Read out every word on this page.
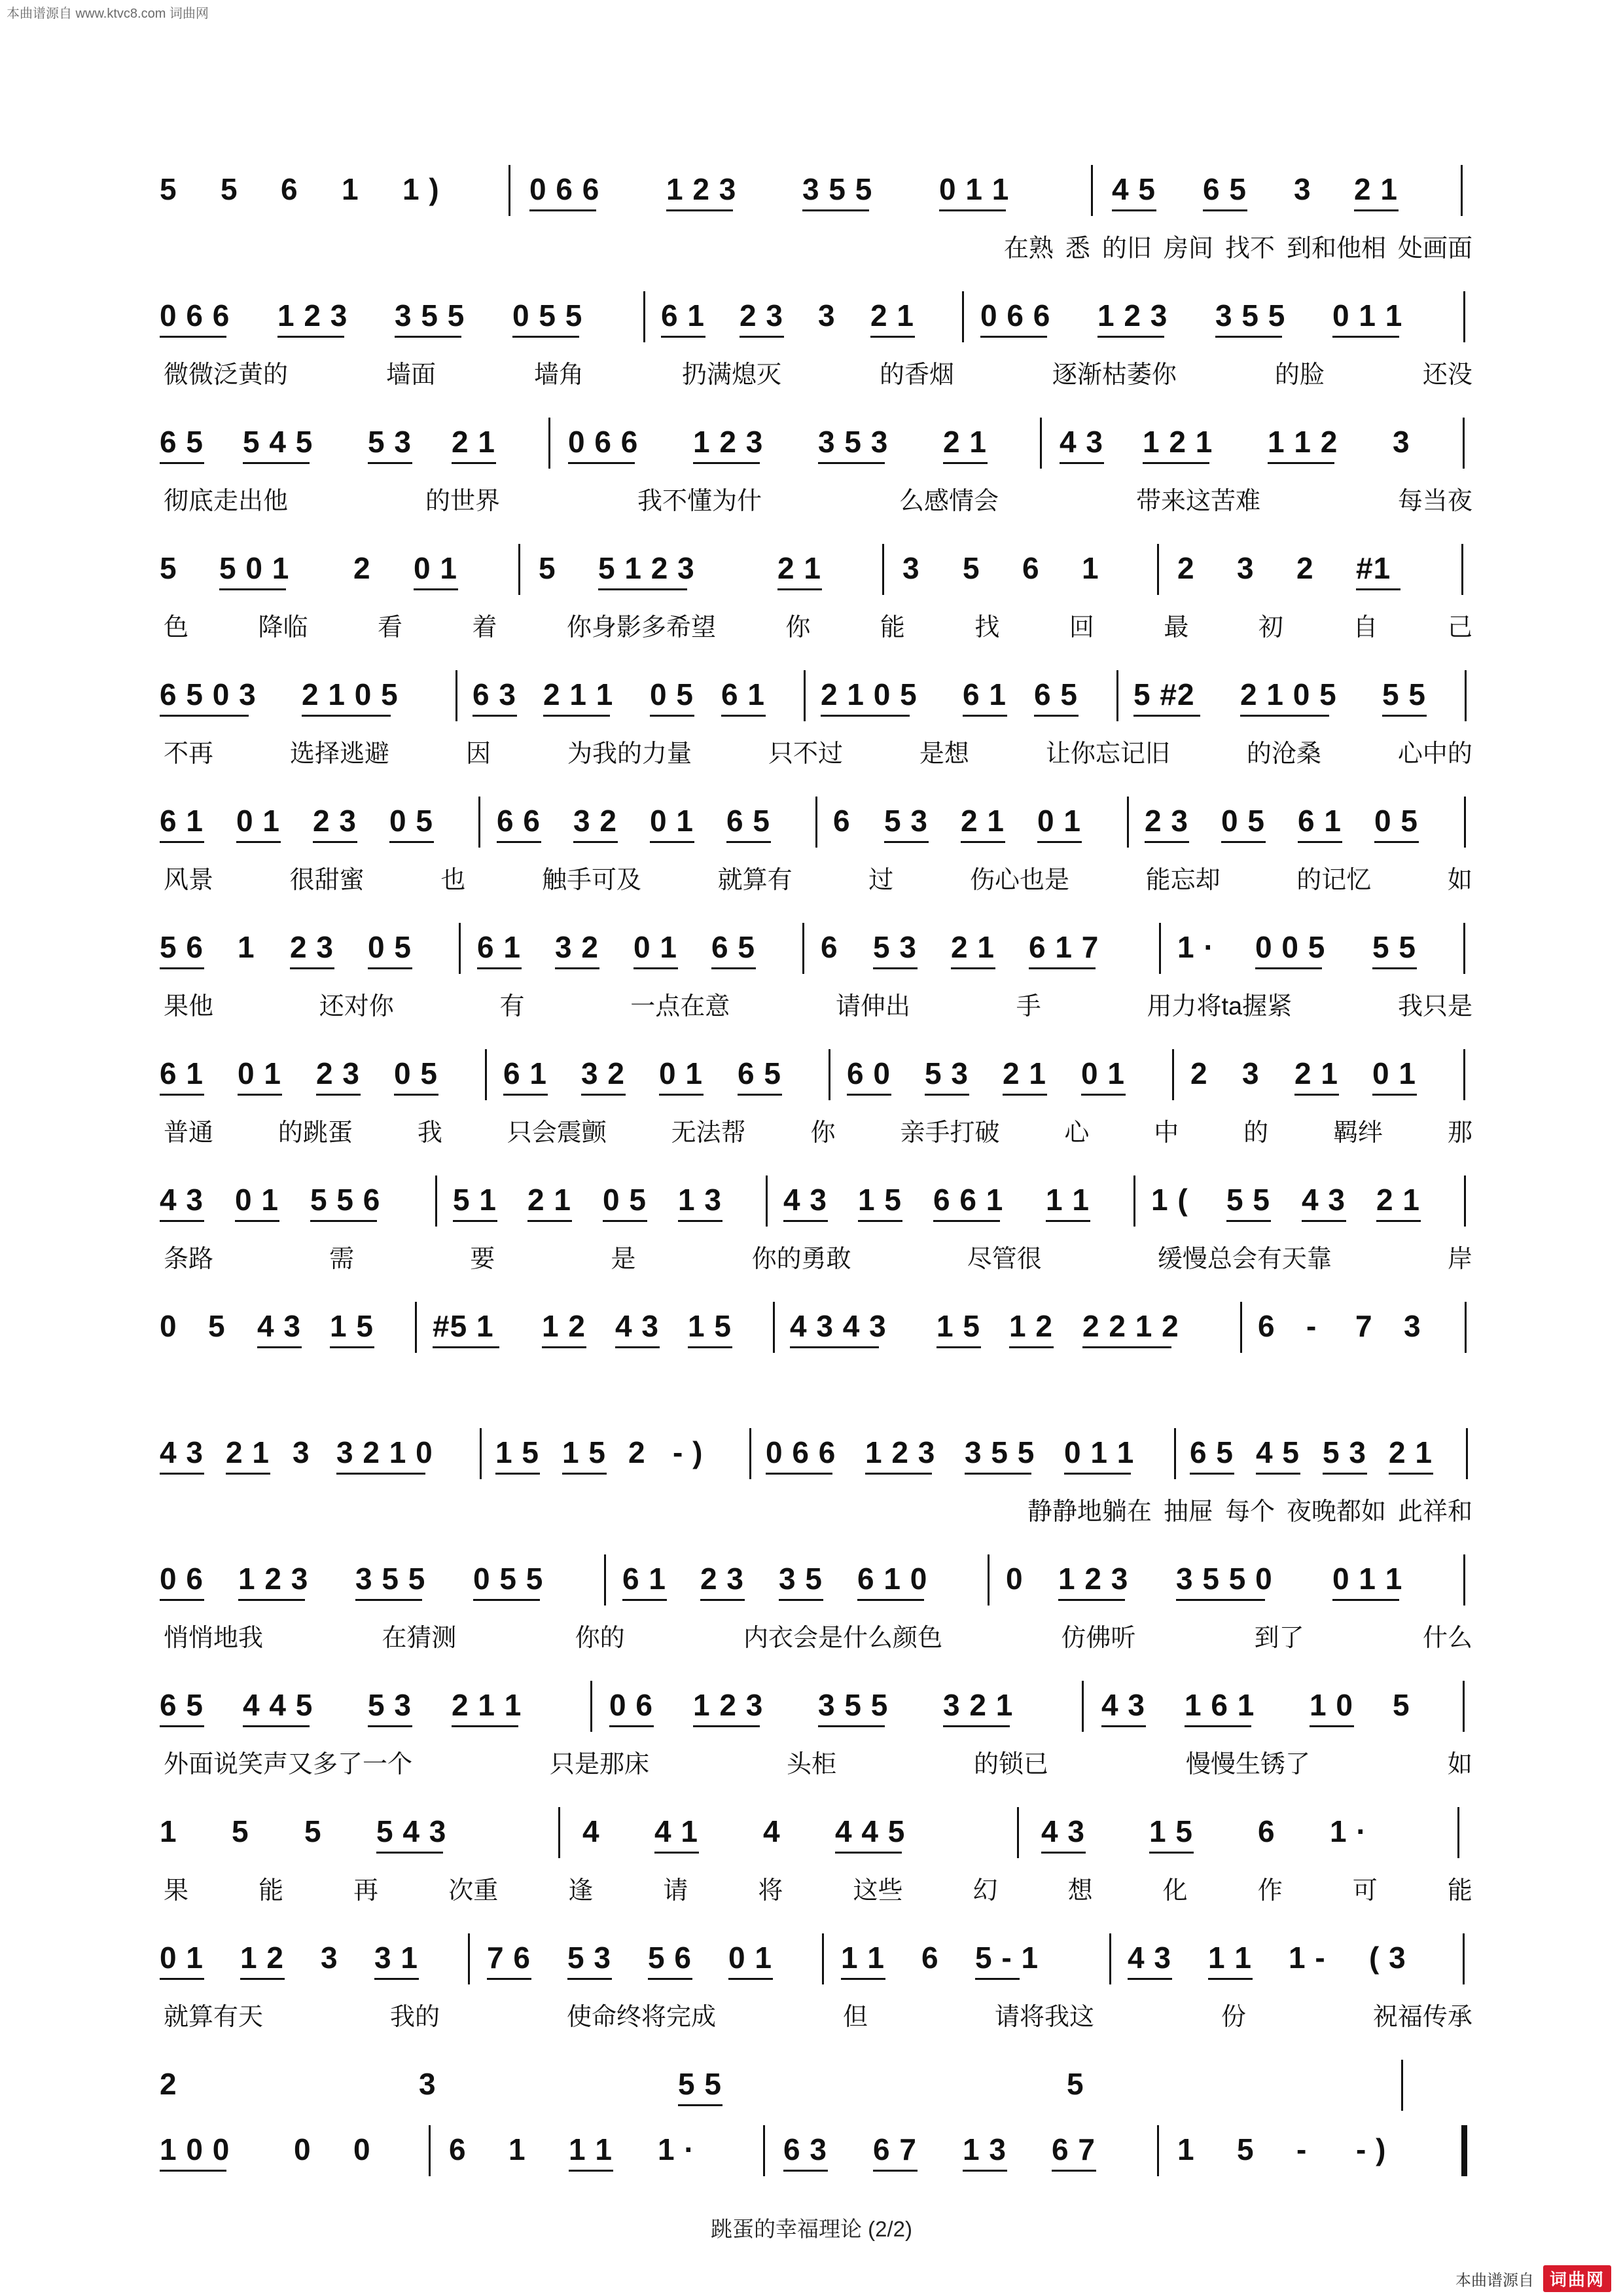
本曲谱源自 www.ktvc8.com 词曲网
5 5 6 1 1 )	0 6 6 1 2 3 3 5 5 0 1 1	4 5 6 5 3 2 1
在熟 悉 的旧 房间 找不 到和他相 处画面
0 6 6 1 2 3 3 5 5 0 5 5	6 1 2 3 3 2 1 0 6 6 1 2 3 3 5 5 0 1 1
微微泛黄的	墙面	墙角	扔满熄灭	的香烟	逐渐枯萎你	的脸	还没
6 5 5 4 5 5 3 2 1 0 6 6 1 2 3 3 5 3 2 1 4 3 1 2 1 1 1 2 3
彻底走出他	的世界	我不懂为什	么感情会	带来这苦难	每当夜
5 5 0 1 2 0 1	5 5 1 2 3	2 1	3 5 6 1	2 3 2 #1
色	降临	看	着	你身影多希望	你	能	找	回	最	初	自	己
6 5 0 3 2 1 0 5 6 3 2 1 1 0 5 6 1 2 1 0 5 6 1 6 5 5 #2 2 1 0 5 5 5
不再	选择逃避	因	为我的力量	只不过	是想	让你忘记旧	的沧桑	心中的
6 1 0 1 2 3 0 5 6 6 3 2 0 1 6 5 6 5 3 2 1 0 1 2 3 0 5 6 1 0 5
风景	很甜蜜	也	触手可及	就算有	过	伤心也是	能忘却	的记忆	如
5 6 1 2 3 0 5 6 1 3 2 0 1 6 5 6 5 3 2 1 6 1 7	1 · 0 0 5 5 5
果他	还对你	有	一点在意	请伸出	手	用力将ta握紧	我只是
6 1 0 1 2 3 0 5 6 1 3 2 0 1 6 5 6 0 5 3 2 1 0 1 2 3 2 1 0 1
普通	的跳蛋	我	只会震颤	无法帮	你	亲手打破	心	中	的	羁绊	那
4 3 0 1 5 5 6 5 1 2 1 0 5 1 3 4 3 1 5 6 6 1 1 1 1 ( 5 5 4 3 2 1
条路	需	要	是	你的勇敢	尽管很	缓慢总会有天靠	岸
0 5 4 3 1 5 #5 1 1 2 4 3 1 5 4 3 4 3 1 5 1 2 2 2 1 2	6 - 7 3
4 3 2 1 3 3 2 1 0 1 5 1 5 2 - ) 0 6 6 1 2 3 3 5 5 0 1 1 6 5 4 5 5 3 2 1
静静地躺在 抽屉 每个 夜晚都如 此祥和
0 6 1 2 3 3 5 5 0 5 5	6 1 2 3 3 5 6 1 0	0 1 2 3 3 5 5 0 0 1 1
悄悄地我	在猜测	你的	内衣会是什么颜色	仿佛听	到了	什么
6 5 4 4 5 5 3 2 1 1	0 6 1 2 3 3 5 5 3 2 1	4 3 1 6 1 1 0 5
外面说笑声又多了一个	只是那床	头柜	的锁已	慢慢生锈了	如
1 5 5 5 4 3	4 4 1 4 4 4 5	4 3 1 5 6 1 ·
果	能	再	次重	逢	请	将	这些	幻	想	化	作	可	能
0 1 1 2 3 3 1 7 6 5 3 5 6 0 1 1 1 6 5 - 1	4 3 1 1 1 - ( 3
就算有天	我的	使命终将完成	但	请将我这	份	祝福传承
2	3	5 5	5
1 0 0 0 0	6 1 1 1 1 ·	6 3 6 7 1 3 6 7	1 5 - - )
跳蛋的幸福理论 (2/2)
本曲谱源自 词曲网
